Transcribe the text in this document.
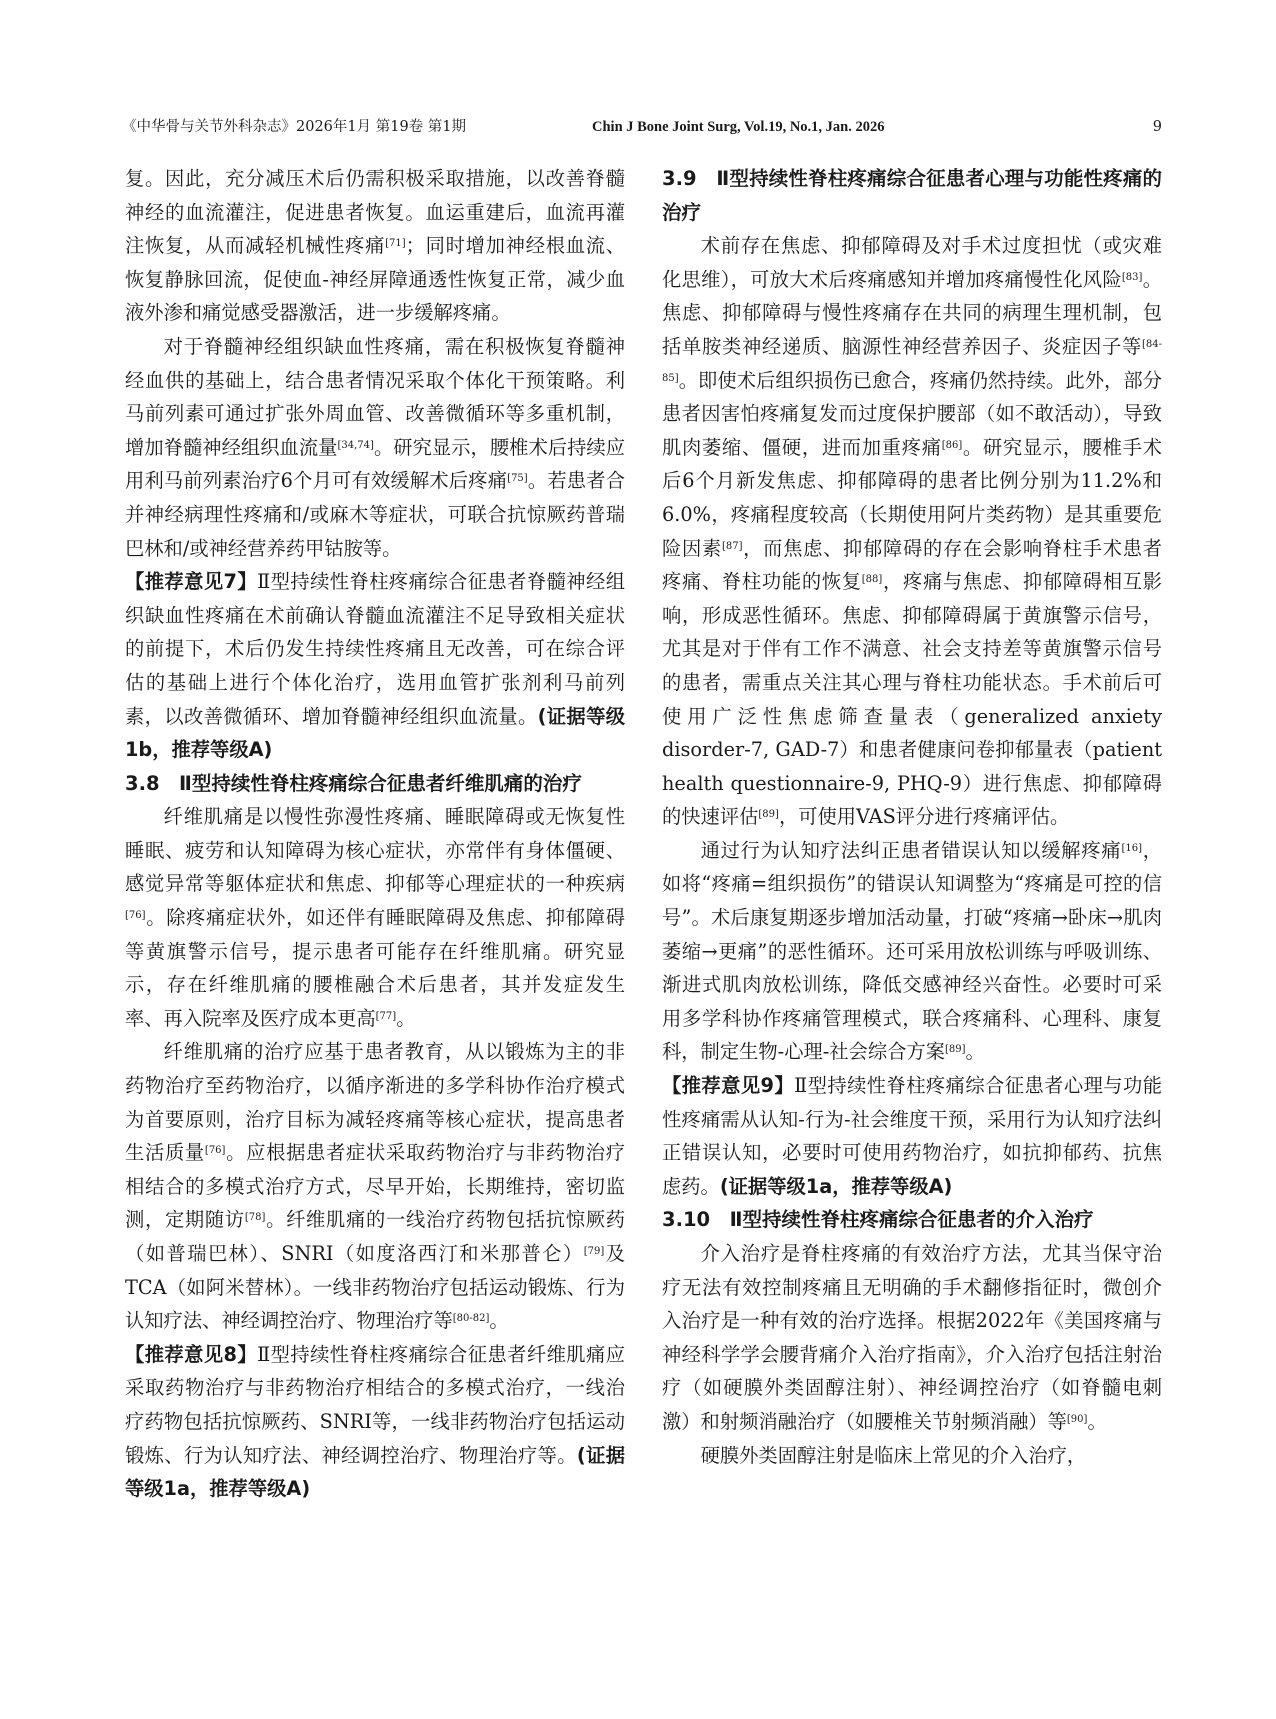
《中华骨与关节外科杂志》2026年1月 第19卷 第1期	Chin J Bone Joint Surg, Vol.19, No.1, Jan. 2026	9

复。因此，充分减压术后仍需积极采取措施，以改善脊髓神经的血流灌注，促进患者恢复。血运重建后，血流再灌注恢复，从而减轻机械性疼痛[71]；同时增加神经根血流、恢复静脉回流，促使血-神经屏障通透性恢复正常，减少血液外渗和痛觉感受器激活，进一步缓解疼痛。

对于脊髓神经组织缺血性疼痛，需在积极恢复脊髓神经血供的基础上，结合患者情况采取个体化干预策略。利马前列素可通过扩张外周血管、改善微循环等多重机制，增加脊髓神经组织血流量[34,74]。研究显示，腰椎术后持续应用利马前列素治疗6个月可有效缓解术后疼痛[75]。若患者合并神经病理性疼痛和/或麻木等症状，可联合抗惊厥药普瑞巴林和/或神经营养药甲钴胺等。

【推荐意见7】Ⅱ型持续性脊柱疼痛综合征患者脊髓神经组织缺血性疼痛在术前确认脊髓血流灌注不足导致相关症状的前提下，术后仍发生持续性疼痛且无改善，可在综合评估的基础上进行个体化治疗，选用血管扩张剂利马前列素，以改善微循环、增加脊髓神经组织血流量。(证据等级1b，推荐等级A)

3.8　Ⅱ型持续性脊柱疼痛综合征患者纤维肌痛的治疗

纤维肌痛是以慢性弥漫性疼痛、睡眠障碍或无恢复性睡眠、疲劳和认知障碍为核心症状，亦常伴有身体僵硬、感觉异常等躯体症状和焦虑、抑郁等心理症状的一种疾病[76]。除疼痛症状外，如还伴有睡眠障碍及焦虑、抑郁障碍等黄旗警示信号，提示患者可能存在纤维肌痛。研究显示，存在纤维肌痛的腰椎融合术后患者，其并发症发生率、再入院率及医疗成本更高[77]。

纤维肌痛的治疗应基于患者教育，从以锻炼为主的非药物治疗至药物治疗，以循序渐进的多学科协作治疗模式为首要原则，治疗目标为减轻疼痛等核心症状，提高患者生活质量[76]。应根据患者症状采取药物治疗与非药物治疗相结合的多模式治疗方式，尽早开始，长期维持，密切监测，定期随访[78]。纤维肌痛的一线治疗药物包括抗惊厥药（如普瑞巴林）、SNRI（如度洛西汀和米那普仑）[79]及TCA（如阿米替林）。一线非药物治疗包括运动锻炼、行为认知疗法、神经调控治疗、物理治疗等[80-82]。

【推荐意见8】Ⅱ型持续性脊柱疼痛综合征患者纤维肌痛应采取药物治疗与非药物治疗相结合的多模式治疗，一线治疗药物包括抗惊厥药、SNRI等，一线非药物治疗包括运动锻炼、行为认知疗法、神经调控治疗、物理治疗等。(证据等级1a，推荐等级A)

3.9　Ⅱ型持续性脊柱疼痛综合征患者心理与功能性疼痛的治疗

术前存在焦虑、抑郁障碍及对手术过度担忧（或灾难化思维），可放大术后疼痛感知并增加疼痛慢性化风险[83]。焦虑、抑郁障碍与慢性疼痛存在共同的病理生理机制，包括单胺类神经递质、脑源性神经营养因子、炎症因子等[84-85]。即使术后组织损伤已愈合，疼痛仍然持续。此外，部分患者因害怕疼痛复发而过度保护腰部（如不敢活动），导致肌肉萎缩、僵硬，进而加重疼痛[86]。研究显示，腰椎手术后6个月新发焦虑、抑郁障碍的患者比例分别为11.2%和6.0%，疼痛程度较高（长期使用阿片类药物）是其重要危险因素[87]，而焦虑、抑郁障碍的存在会影响脊柱手术患者疼痛、脊柱功能的恢复[88]，疼痛与焦虑、抑郁障碍相互影响，形成恶性循环。焦虑、抑郁障碍属于黄旗警示信号，尤其是对于伴有工作不满意、社会支持差等黄旗警示信号的患者，需重点关注其心理与脊柱功能状态。手术前后可使用广泛性焦虑筛查量表（generalized anxiety disorder-7, GAD-7）和患者健康问卷抑郁量表（patient health questionnaire-9, PHQ-9）进行焦虑、抑郁障碍的快速评估[89]，可使用VAS评分进行疼痛评估。

通过行为认知疗法纠正患者错误认知以缓解疼痛[16]，如将“疼痛=组织损伤”的错误认知调整为“疼痛是可控的信号”。术后康复期逐步增加活动量，打破“疼痛→卧床→肌肉萎缩→更痛”的恶性循环。还可采用放松训练与呼吸训练、渐进式肌肉放松训练，降低交感神经兴奋性。必要时可采用多学科协作疼痛管理模式，联合疼痛科、心理科、康复科，制定生物-心理-社会综合方案[89]。

【推荐意见9】Ⅱ型持续性脊柱疼痛综合征患者心理与功能性疼痛需从认知-行为-社会维度干预，采用行为认知疗法纠正错误认知，必要时可使用药物治疗，如抗抑郁药、抗焦虑药。(证据等级1a，推荐等级A)

3.10　Ⅱ型持续性脊柱疼痛综合征患者的介入治疗

介入治疗是脊柱疼痛的有效治疗方法，尤其当保守治疗无法有效控制疼痛且无明确的手术翻修指征时，微创介入治疗是一种有效的治疗选择。根据2022年《美国疼痛与神经科学学会腰背痛介入治疗指南》，介入治疗包括注射治疗（如硬膜外类固醇注射）、神经调控治疗（如脊髓电刺激）和射频消融治疗（如腰椎关节射频消融）等[90]。

硬膜外类固醇注射是临床上常见的介入治疗，
